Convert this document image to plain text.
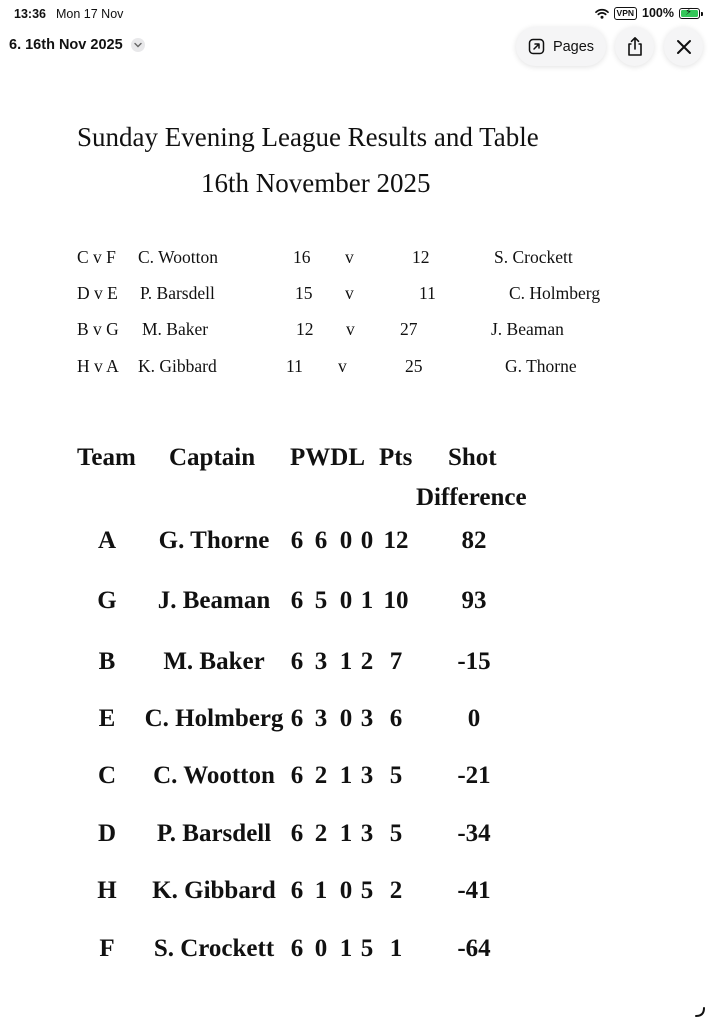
13:36 Mon 17 Nov	VPN 100% ⚡
6. 16th Nov 2025	Pages
Sunday Evening League Results and Table
16th November 2025
C v F C. Wootton	16 v	12	S. Crockett
D v E P. Barsdell	15 v	11	C. Holmberg
B v G M. Baker	12 v	27	J. Beaman
H v A K. Gibbard	11 v	25	G. Thorne
Team Captain PWDL Pts Shot
Difference
A G. Thorne 6 6 0 0 12 82
G J. Beaman 6 5 0 1 10 93
B M. Baker 6 3 1 2 7 -15
E C. Holmberg 6 3 0 3 6	0
C C. Wootton 6 2 1 3 5 -21
D P. Barsdell 6 2 1 3 5 -34
H K. Gibbard 6 1 0 5 2 -41
F S. Crockett 6 0 1 5 1 -64
